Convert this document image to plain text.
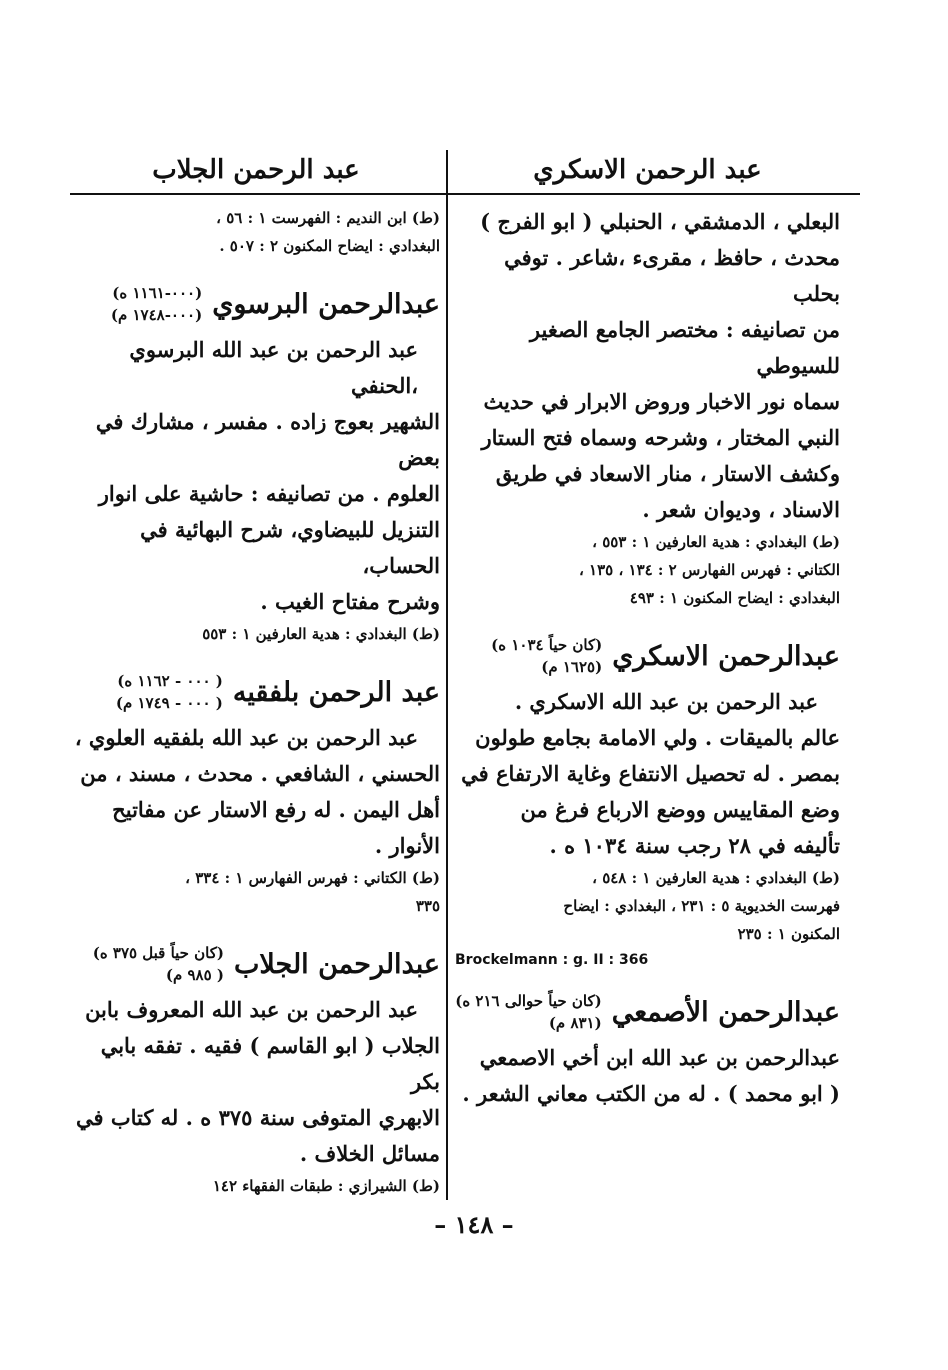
عبد الرحمن الاسكري

البعلي ، الدمشقي ، الحنبلي ( ابو الفرج )

محدث ، حافظ ، مقرىء ،شاعر . توفي بحلب

من تصانيفه : مختصر الجامع الصغير للسيوطي

سماه نور الاخبار وروض الابرار في حديث

النبي المختار ، وشرحه وسماه فتح الستار

وكشف الاستار ، منار الاسعاد في طريق

الاسناد ، وديوان شعر .

(ط) البغدادي : هدية العارفين ١ : ٥٥٣ ،

الكتاني : فهرس الفهارس ٢ : ١٣٤ ، ١٣٥ ،

البغدادي : ايضاح المكنون ١ : ٤٩٣

عبدالرحمن الاسكري
(كان حياً ١٠٣٤ ه)
(١٦٢٥ م)

عبد الرحمن بن عبد الله الاسكري .

عالم بالميقات . ولي الامامة بجامع طولون

بمصر . له تحصيل الانتفاع وغاية الارتفاع في

وضع المقاييس ووضع الارباع فرغ من

تأليفه في ٢٨ رجب سنة ١٠٣٤ ه .

(ط) البغدادي : هدية العارفين ١ : ٥٤٨ ،

فهرست الخديوية ٥ : ٢٣١ ، البغدادي : ايضاح

المكنون ١ : ٢٣٥

Brockelmann : g. II : 366

عبدالرحمن الأصمعي
(كان حياً حوالى ٢١٦ ه)
(٨٣١ م)

عبدالرحمن بن عبد الله ابن أخي الاصمعي

( ابو محمد ) . له من الكتب معاني الشعر .

عبد الرحمن الجلاب

(ط) ابن النديم : الفهرست ١ : ٥٦ ،

البغدادي : ايضاح المكنون ٢ : ٥٠٧ .

عبدالرحمن البرسوي
(٠٠٠-١١٦١ ه)
(٠٠٠-١٧٤٨ م)

عبد الرحمن بن عبد الله البرسوي ،الحنفي

الشهير بعوج زاده . مفسر ، مشارك في بعض

العلوم . من تصانيفه : حاشية على انوار

التنزيل للبيضاوي، شرح البهائية في الحساب،

وشرح مفتاح الغيب .

(ط) البغدادي : هدية العارفين ١ : ٥٥٣

عبد الرحمن بلفقيه
( ٠٠٠ - ١١٦٢ ه)
( ٠٠٠ - ١٧٤٩ م)

عبد الرحمن بن عبد الله بلفقيه العلوي ،

الحسني ، الشافعي . محدث ، مسند ، من

أهل اليمن . له رفع الاستار عن مفاتيح

الأنوار .

(ط) الكتاني : فهرس الفهارس ١ : ٣٣٤ ،

٣٣٥

عبدالرحمن الجلاب
(كان حياً قبل ٣٧٥ ه)
( ٩٨٥ م)

عبد الرحمن بن عبد الله المعروف بابن

الجلاب ( ابو القاسم ) فقيه . تفقه بابي بكر

الابهري المتوفى سنة ٣٧٥ ه . له كتاب في

مسائل الخلاف .

(ط) الشيرازي : طبقات الفقهاء ١٤٢

– ١٤٨ –
